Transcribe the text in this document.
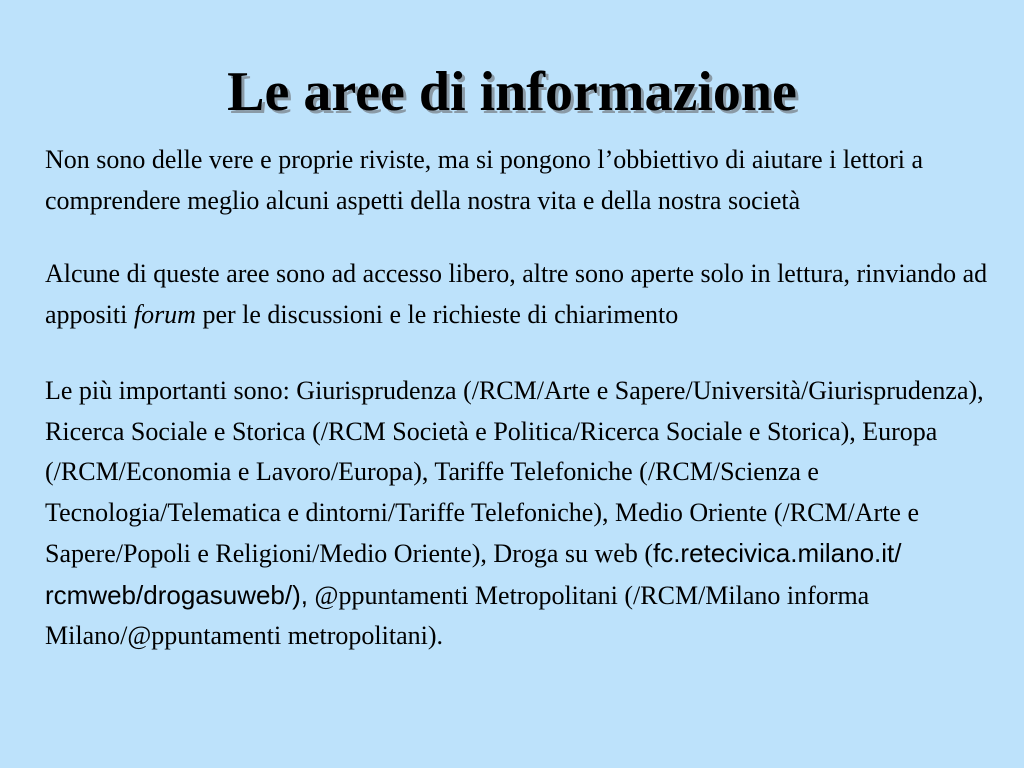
Le aree di informazione

Non sono delle vere e proprie riviste, ma si pongono l’obbiettivo di aiutare i lettori a comprendere meglio alcuni aspetti della nostra vita e della nostra società

Alcune di queste aree sono ad accesso libero, altre sono aperte solo in lettura, rinviando ad appositi forum per le discussioni e le richieste di chiarimento

Le più importanti sono: Giurisprudenza (/RCM/Arte e Sapere/Università/Giurisprudenza), Ricerca Sociale e Storica (/RCM Società e Politica/Ricerca Sociale e Storica), Europa (/RCM/Economia e Lavoro/Europa), Tariffe Telefoniche (/RCM/Scienza e Tecnologia/Telematica e dintorni/Tariffe Telefoniche), Medio Oriente (/RCM/Arte e Sapere/Popoli e Religioni/Medio Oriente), Droga su web (fc.retecivica.milano.it/ rcmweb/drogasuweb/), @ppuntamenti Metropolitani (/RCM/Milano informa Milano/@ppuntamenti metropolitani).
